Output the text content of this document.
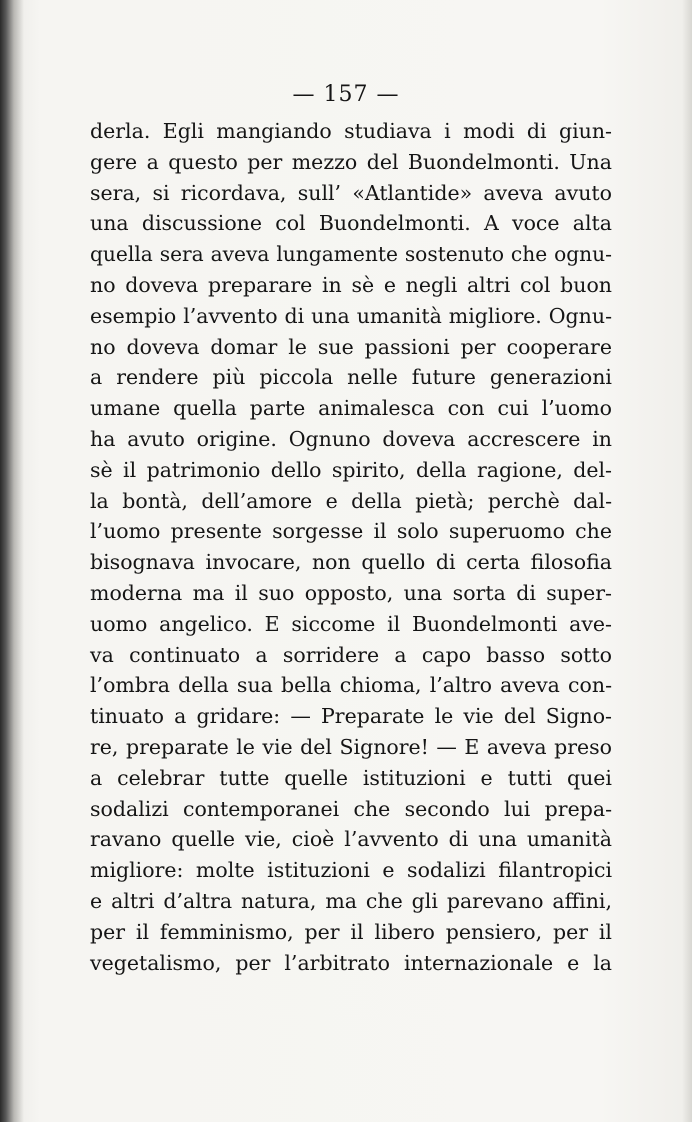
— 157 —
derla. Egli mangiando studiava i modi di giun-
gere a questo per mezzo del Buondelmonti. Una
sera, si ricordava, sull’ «Atlantide» aveva avuto
una discussione col Buondelmonti. A voce alta
quella sera aveva lungamente sostenuto che ognu-
no doveva preparare in sè e negli altri col buon
esempio l’avvento di una umanità migliore. Ognu-
no doveva domar le sue passioni per cooperare
a rendere più piccola nelle future generazioni
umane quella parte animalesca con cui l’uomo
ha avuto origine. Ognuno doveva accrescere in
sè il patrimonio dello spirito, della ragione, del-
la bontà, dell’amore e della pietà; perchè dal-
l’uomo presente sorgesse il solo superuomo che
bisognava invocare, non quello di certa filosofia
moderna ma il suo opposto, una sorta di super-
uomo angelico. E siccome il Buondelmonti ave-
va continuato a sorridere a capo basso sotto
l’ombra della sua bella chioma, l’altro aveva con-
tinuato a gridare: — Preparate le vie del Signo-
re, preparate le vie del Signore! — E aveva preso
a celebrar tutte quelle istituzioni e tutti quei
sodalizi contemporanei che secondo lui prepa-
ravano quelle vie, cioè l’avvento di una umanità
migliore: molte istituzioni e sodalizi filantropici
e altri d’altra natura, ma che gli parevano affini,
per il femminismo, per il libero pensiero, per il
vegetalismo, per l’arbitrato internazionale e la
